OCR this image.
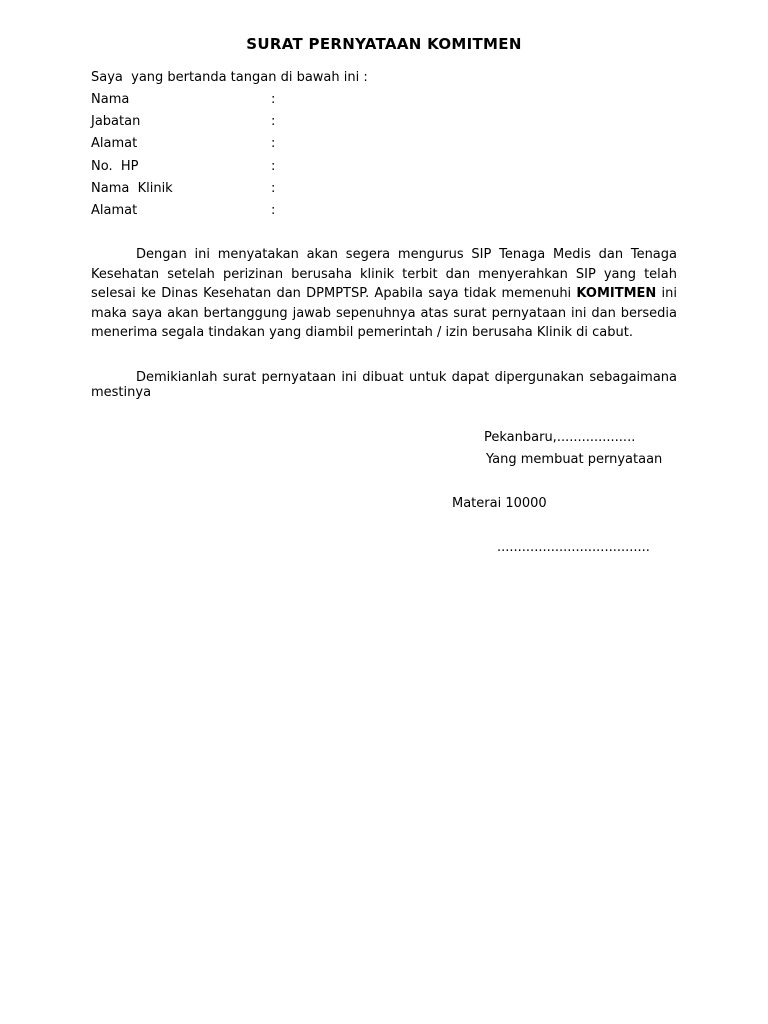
SURAT PERNYATAAN KOMITMEN
Saya  yang bertanda tangan di bawah ini :
Nama	:
Jabatan	:
Alamat	:
No.  HP	:
Nama  Klinik	:
Alamat	:
Dengan ini menyatakan akan segera mengurus SIP Tenaga Medis dan Tenaga Kesehatan setelah perizinan berusaha klinik terbit dan menyerahkan SIP yang telah selesai ke Dinas Kesehatan dan DPMPTSP. Apabila saya tidak memenuhi KOMITMEN ini maka saya akan bertanggung jawab sepenuhnya atas surat pernyataan ini dan bersedia menerima segala tindakan yang diambil pemerintah / izin berusaha Klinik di cabut.
Demikianlah surat pernyataan ini dibuat untuk dapat dipergunakan sebagaimana mestinya
Pekanbaru,...................
Yang membuat pernyataan
Materai 10000
.....................................
